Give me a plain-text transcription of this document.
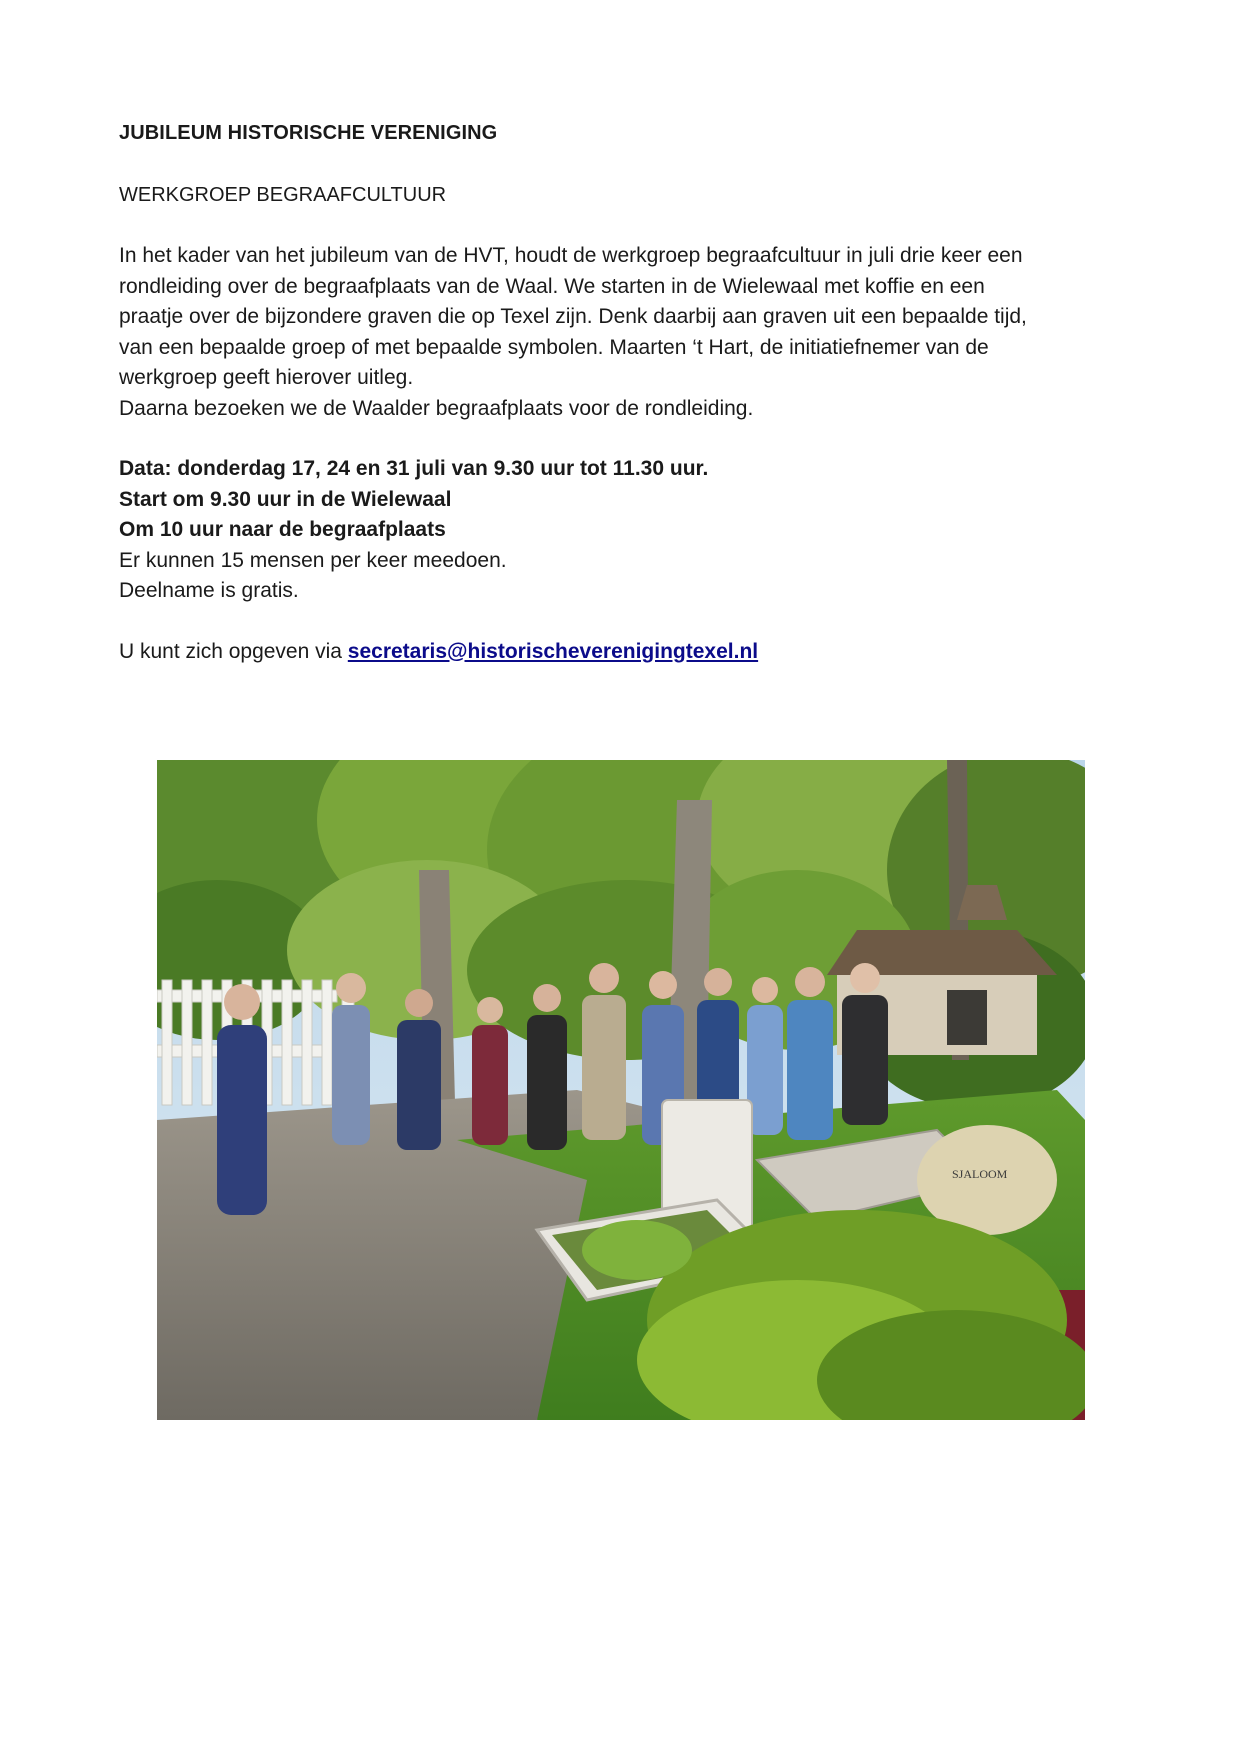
JUBILEUM HISTORISCHE VERENIGING
WERKGROEP BEGRAAFCULTUUR

In het kader van het jubileum van de HVT, houdt de werkgroep begraafcultuur in juli drie keer een
rondleiding over de begraafplaats van de Waal. We starten in de Wielewaal met koffie en een
praatje over de bijzondere graven die op Texel zijn. Denk daarbij aan graven uit een bepaalde tijd,
van een bepaalde groep of met bepaalde symbolen. Maarten ‘t Hart, de initiatiefnemer van de
werkgroep geeft hierover uitleg.
Daarna bezoeken we de Waalder begraafplaats voor de rondleiding.

Data: donderdag 17, 24 en 31 juli van 9.30 uur tot 11.30 uur.
Start om 9.30 uur in de Wielewaal
Om 10 uur naar de begraafplaats
Er kunnen 15 mensen per keer meedoen.
Deelname is gratis.

U kunt zich opgeven via secretaris@historischeverenigingtexel.nl

SJALOOM
